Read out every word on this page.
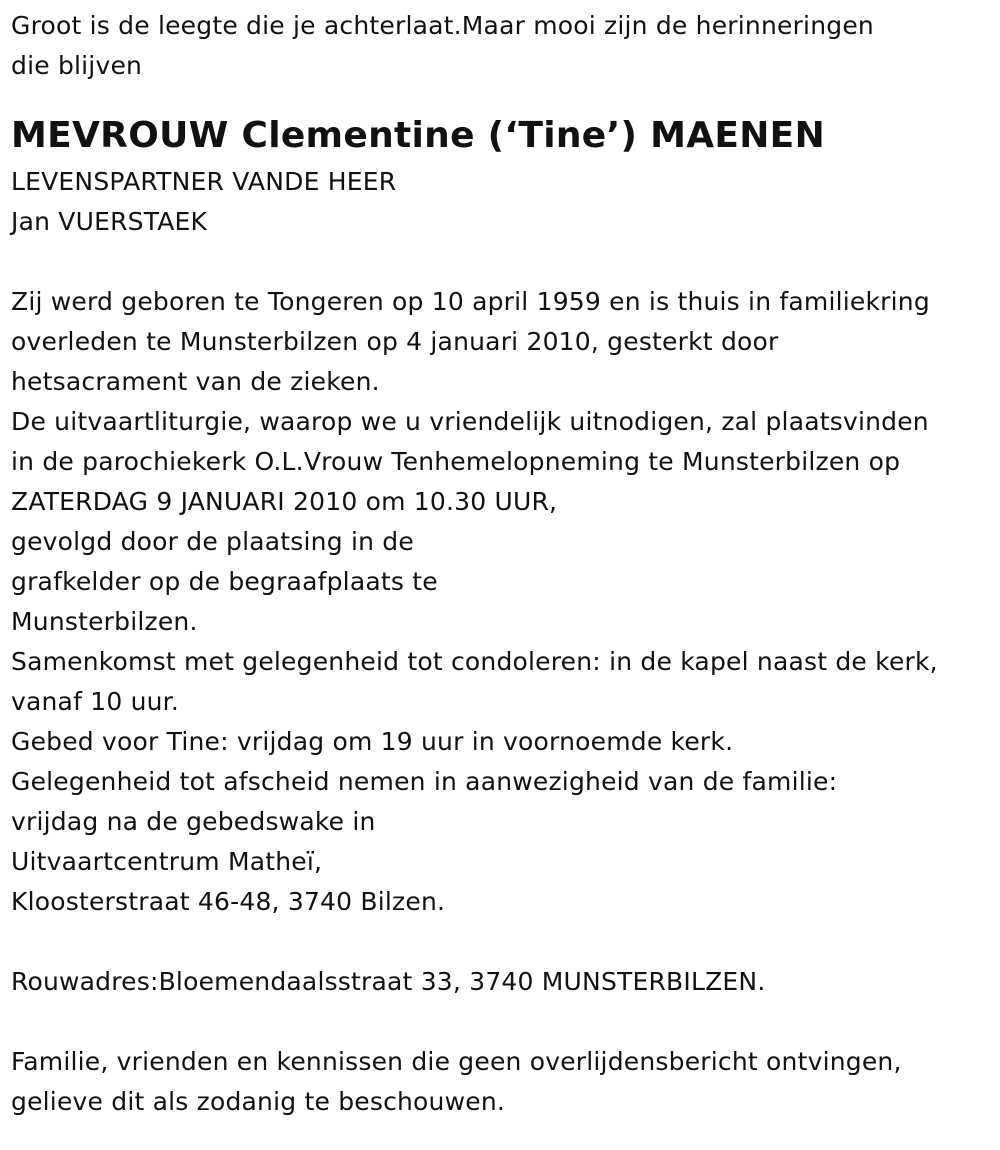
Groot is de leegte die je achterlaat.Maar mooi zijn de herinneringen
die blijven
MEVROUW Clementine (‘Tine’) MAENEN
LEVENSPARTNER VANDE HEER
Jan VUERSTAEK
Zij werd geboren te Tongeren op 10 april 1959 en is thuis in familiekring
overleden te Munsterbilzen op 4 januari 2010, gesterkt door
hetsacrament van de zieken.
De uitvaartliturgie, waarop we u vriendelijk uitnodigen, zal plaatsvinden
in de parochiekerk O.L.Vrouw Tenhemelopneming te Munsterbilzen op
ZATERDAG 9 JANUARI 2010 om 10.30 UUR,
gevolgd door de plaatsing in de
grafkelder op de begraafplaats te
Munsterbilzen.
Samenkomst met gelegenheid tot condoleren: in de kapel naast de kerk,
vanaf 10 uur.
Gebed voor Tine: vrijdag om 19 uur in voornoemde kerk.
Gelegenheid tot afscheid nemen in aanwezigheid van de familie:
vrijdag na de gebedswake in
Uitvaartcentrum Matheï,
Kloosterstraat 46-48, 3740 Bilzen.
Rouwadres:Bloemendaalsstraat 33, 3740 MUNSTERBILZEN.
Familie, vrienden en kennissen die geen overlijdensbericht ontvingen,
gelieve dit als zodanig te beschouwen.
